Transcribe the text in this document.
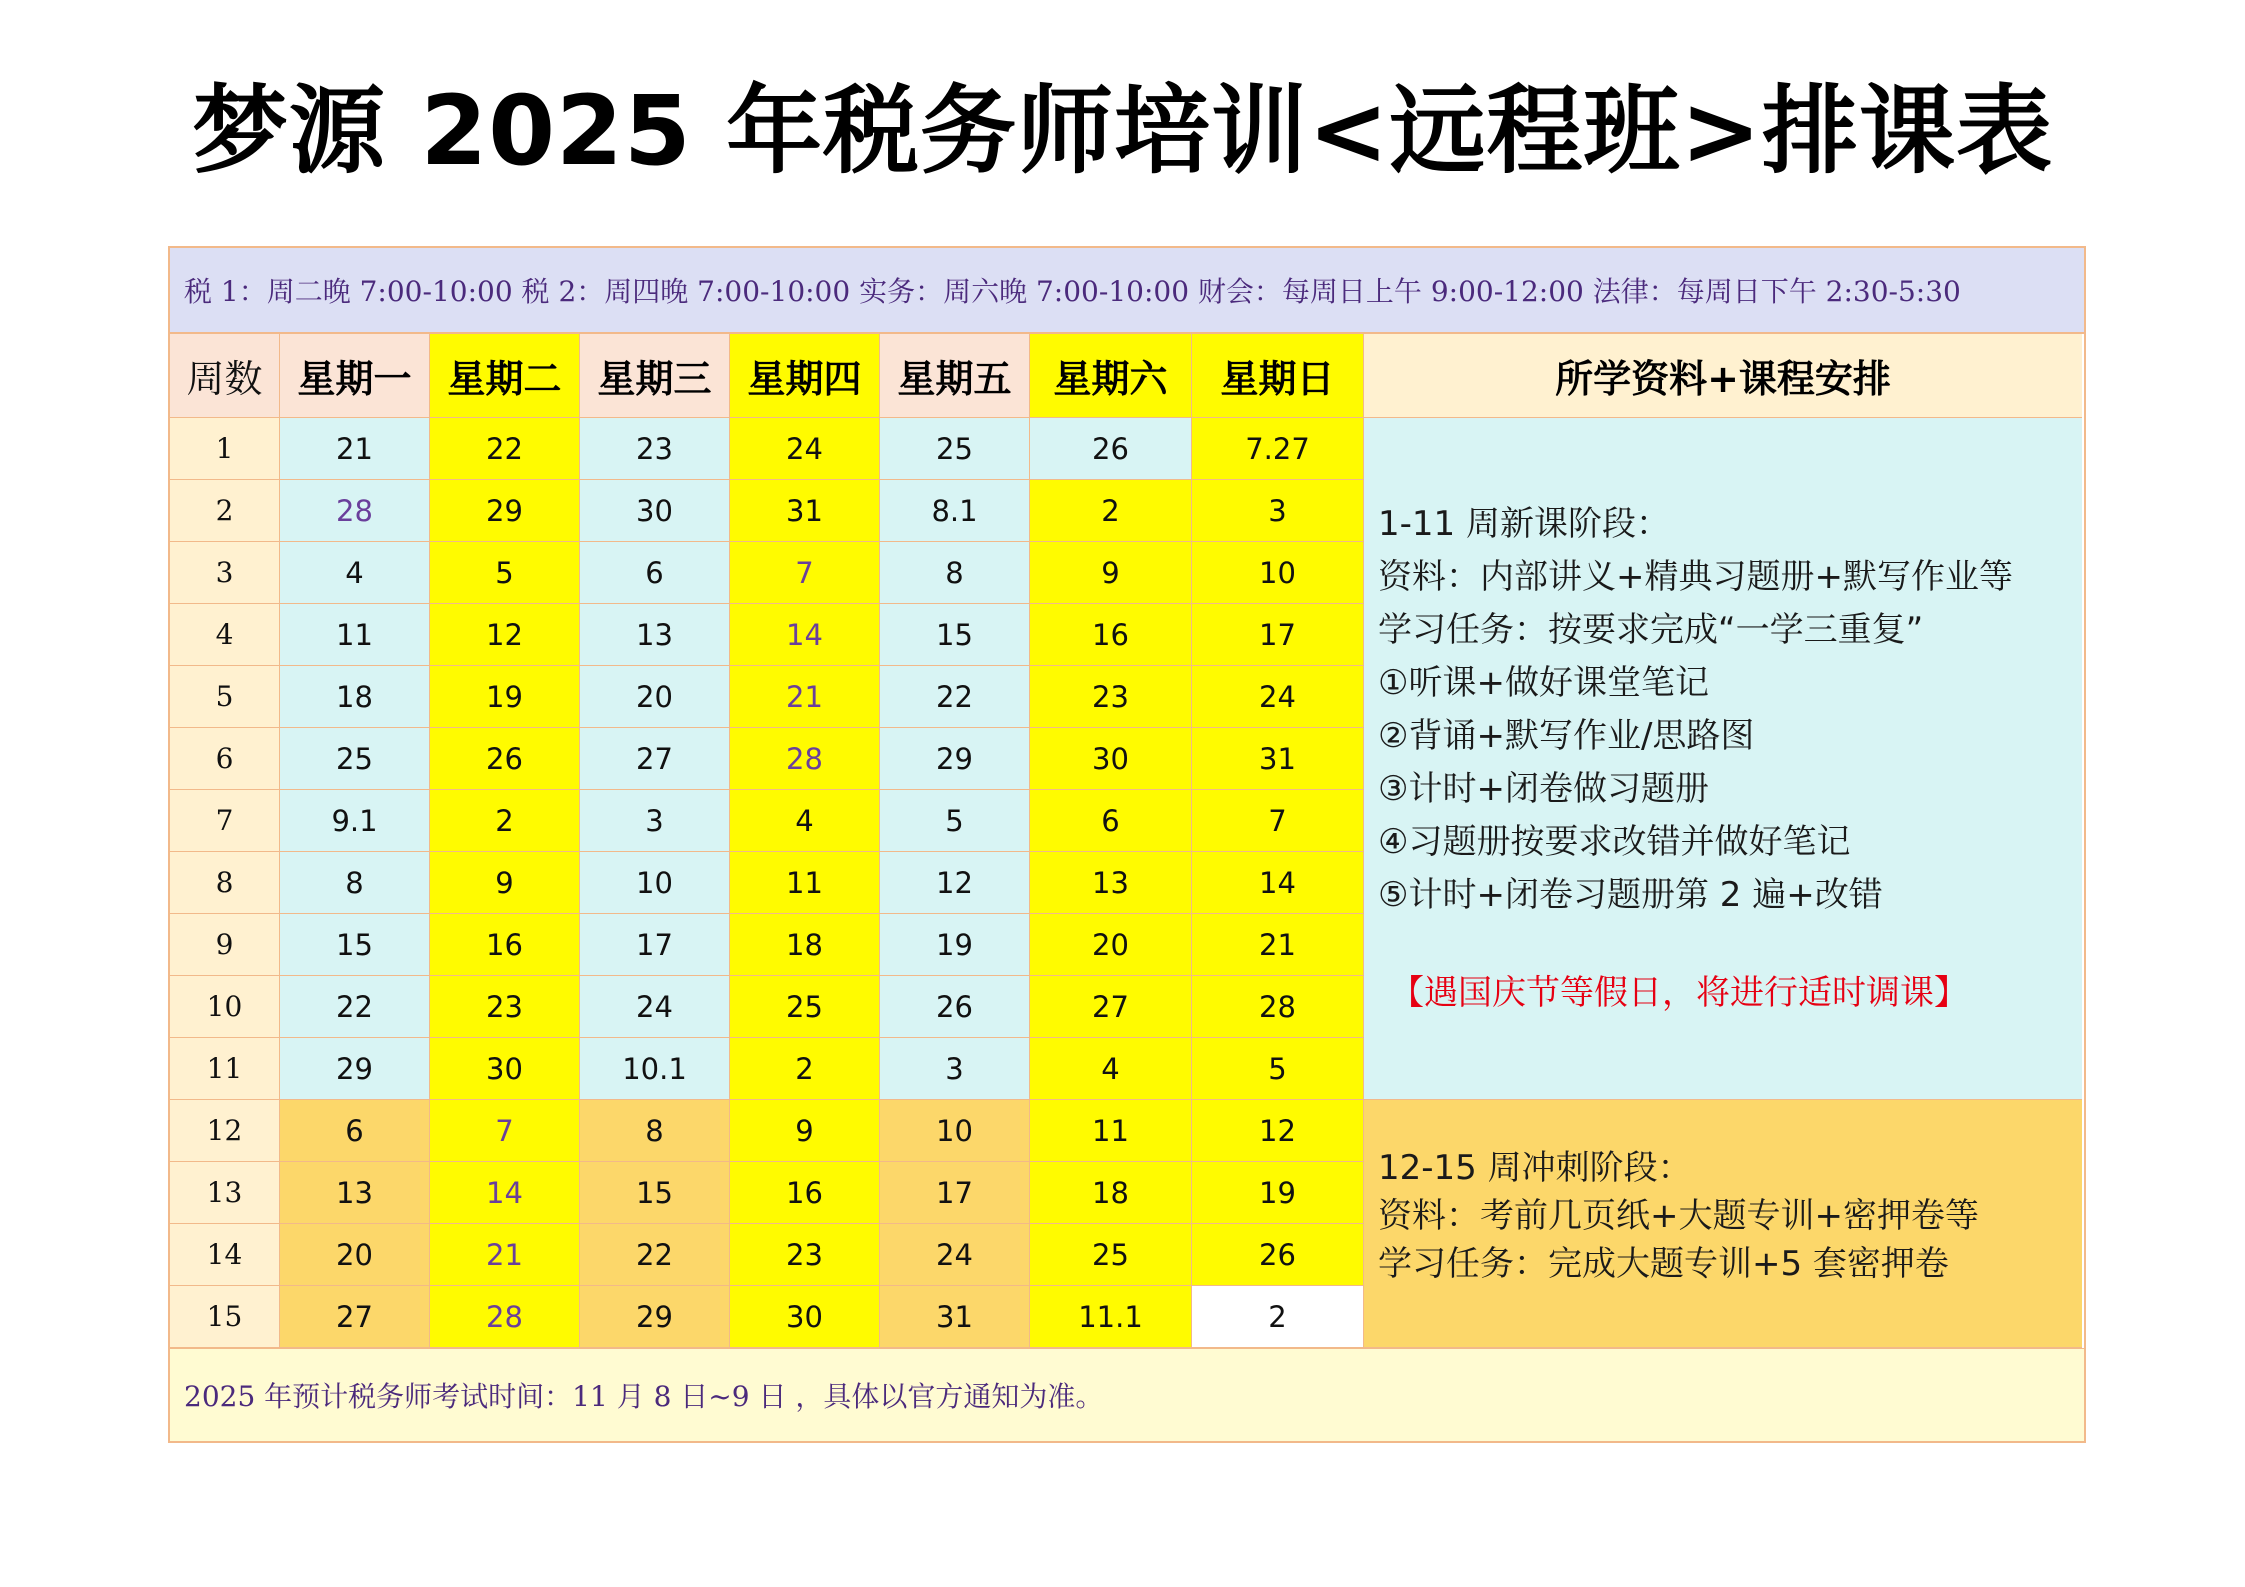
梦源 2025 年税务师培训<远程班>排课表
税 1：周二晚 7:00-10:00 税 2：周四晚 7:00-10:00 实务：周六晚 7:00-10:00 财会：每周日上午 9:00-12:00 法律：每周日下午 2:30-5:30
周数 星期一 星期二 星期三 星期四 星期五	星期六	星期日	所学资料+课程安排
1	21	22	23	24	25	26	7.27
2	28	29	30	31	8.1	2	3
3	4	5	6	7	8	9	10
4	11	12	13	14	15	16	17
5	18	19	20	21	22	23	24
6	25	26	27	28	29	30	31
7	9.1	2	3	4	5	6	7
8	8	9	10	11	12	13	14
9	15	16	17	18	19	20	21
10	22	23	24	25	26	27	28
11	29	30	10.1	2	3	4	5
12	6	7	8	9	10	11	12
13	13	14	15	16	17	18	19
14	20	21	22	23	24	25	26
15	27	28	29	30	31	11.1	2
1-11 周新课阶段：
资料：内部讲义+精典习题册+默写作业等
学习任务：按要求完成“一学三重复”
①听课+做好课堂笔记
②背诵+默写作业/思路图
③计时+闭卷做习题册
④习题册按要求改错并做好笔记
⑤计时+闭卷习题册第 2 遍+改错
【遇国庆节等假日，将进行适时调课】
12-15 周冲刺阶段：
资料：考前几页纸+大题专训+密押卷等
学习任务：完成大题专训+5 套密押卷
2025 年预计税务师考试时间：11 月 8 日~9 日 ，具体以官方通知为准。
